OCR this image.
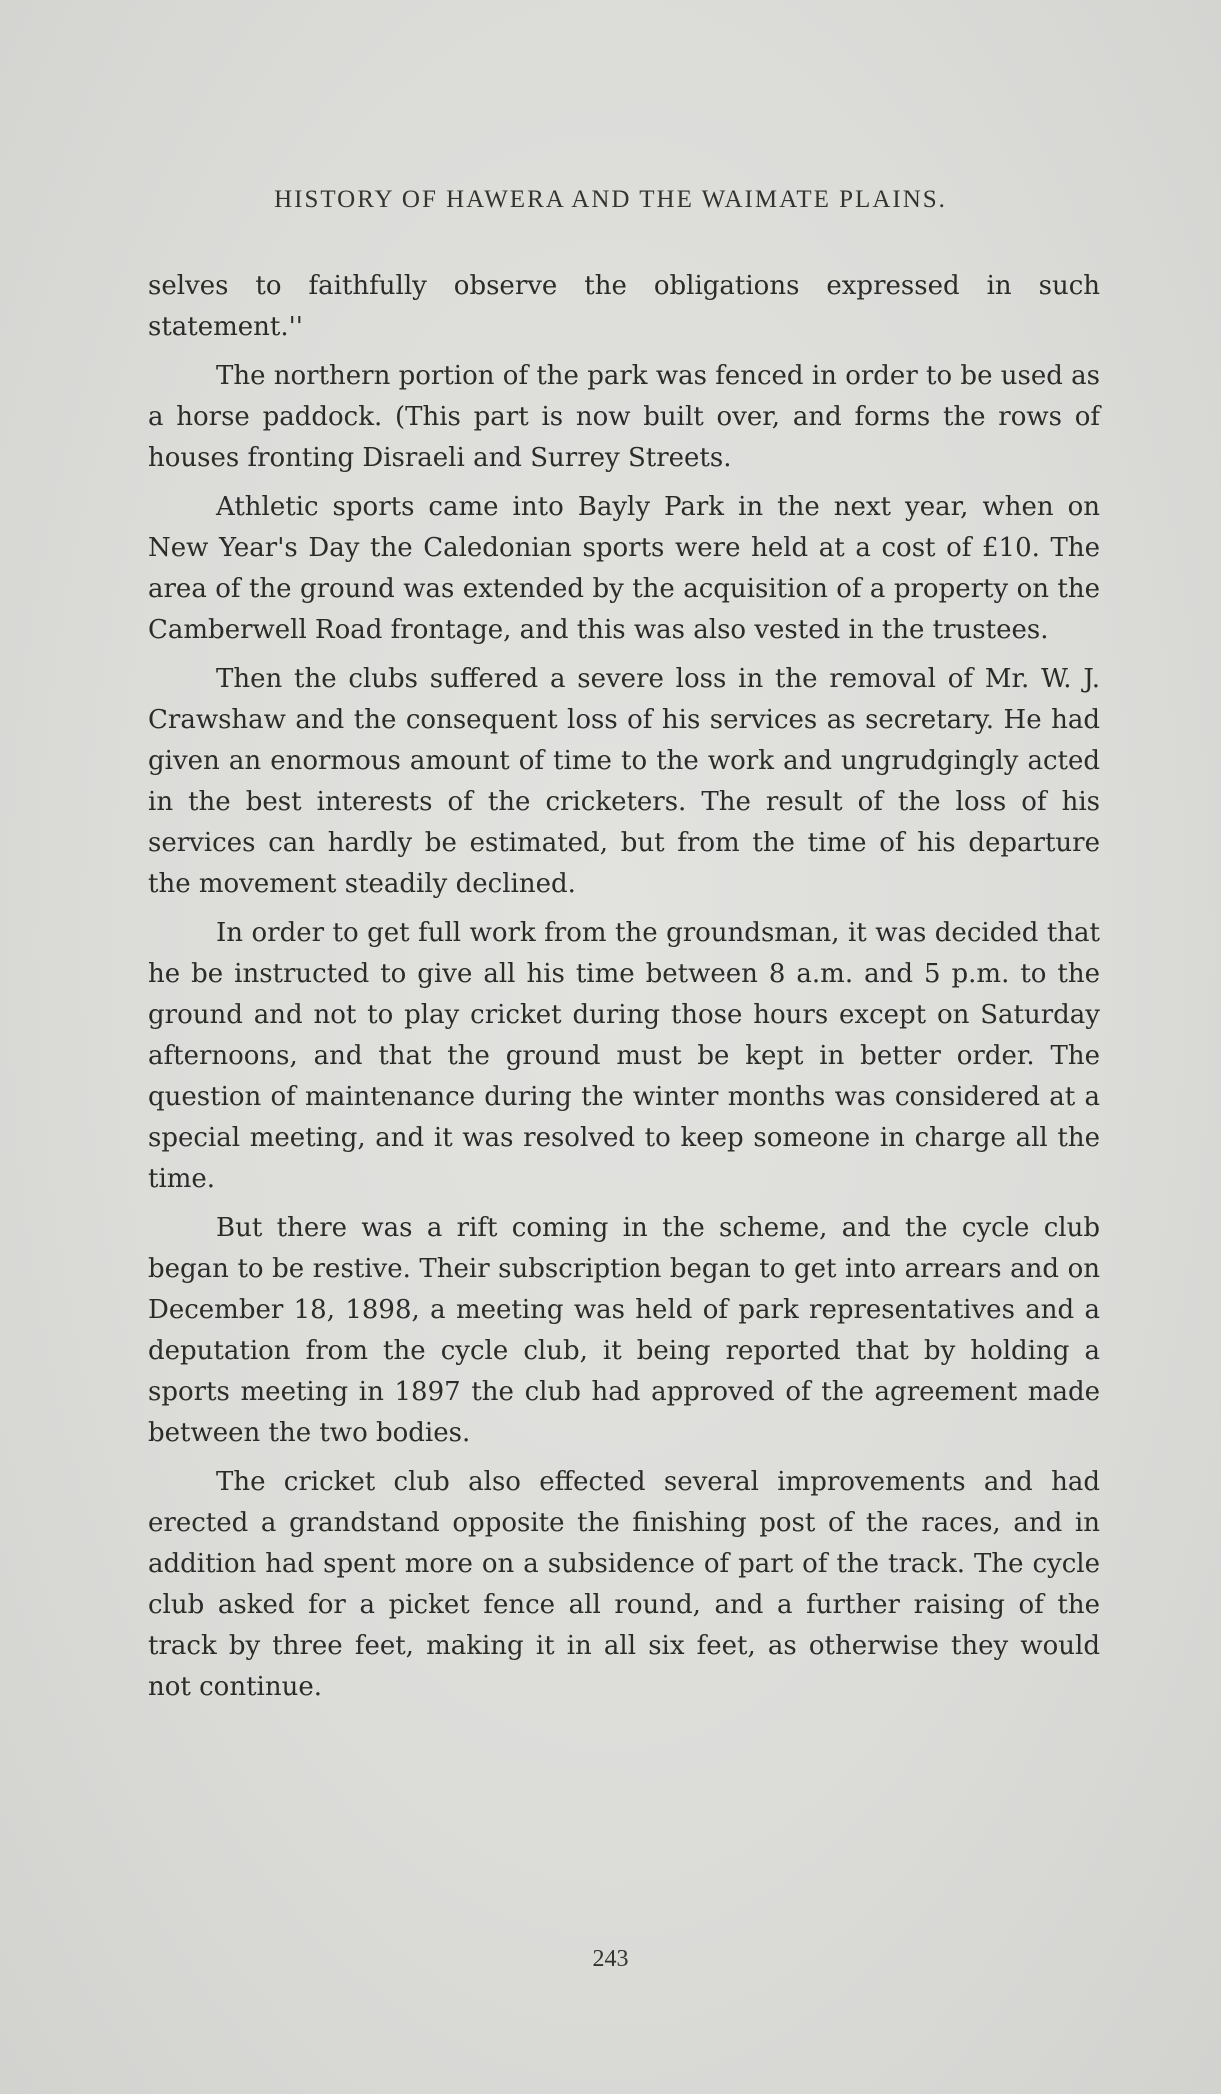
HISTORY OF HAWERA AND THE WAIMATE PLAINS.

selves to faithfully observe the obligations expressed in such statement.''

The northern portion of the park was fenced in order to be used as a horse paddock. (This part is now built over, and forms the rows of houses fronting Disraeli and Surrey Streets.

Athletic sports came into Bayly Park in the next year, when on New Year's Day the Caledonian sports were held at a cost of £10. The area of the ground was extended by the acquisition of a property on the Camberwell Road frontage, and this was also vested in the trustees.

Then the clubs suffered a severe loss in the removal of Mr. W. J. Crawshaw and the consequent loss of his services as secretary. He had given an enormous amount of time to the work and ungrudgingly acted in the best interests of the cricketers. The result of the loss of his services can hardly be estimated, but from the time of his departure the movement steadily declined.

In order to get full work from the groundsman, it was decided that he be instructed to give all his time between 8 a.m. and 5 p.m. to the ground and not to play cricket during those hours except on Saturday afternoons, and that the ground must be kept in better order. The question of maintenance during the winter months was considered at a special meeting, and it was resolved to keep someone in charge all the time.

But there was a rift coming in the scheme, and the cycle club began to be restive. Their subscription began to get into arrears and on December 18, 1898, a meeting was held of park representatives and a deputation from the cycle club, it being reported that by holding a sports meeting in 1897 the club had approved of the agreement made between the two bodies.

The cricket club also effected several improvements and had erected a grandstand opposite the finishing post of the races, and in addition had spent more on a subsidence of part of the track. The cycle club asked for a picket fence all round, and a further raising of the track by three feet, making it in all six feet, as otherwise they would not continue.

243
